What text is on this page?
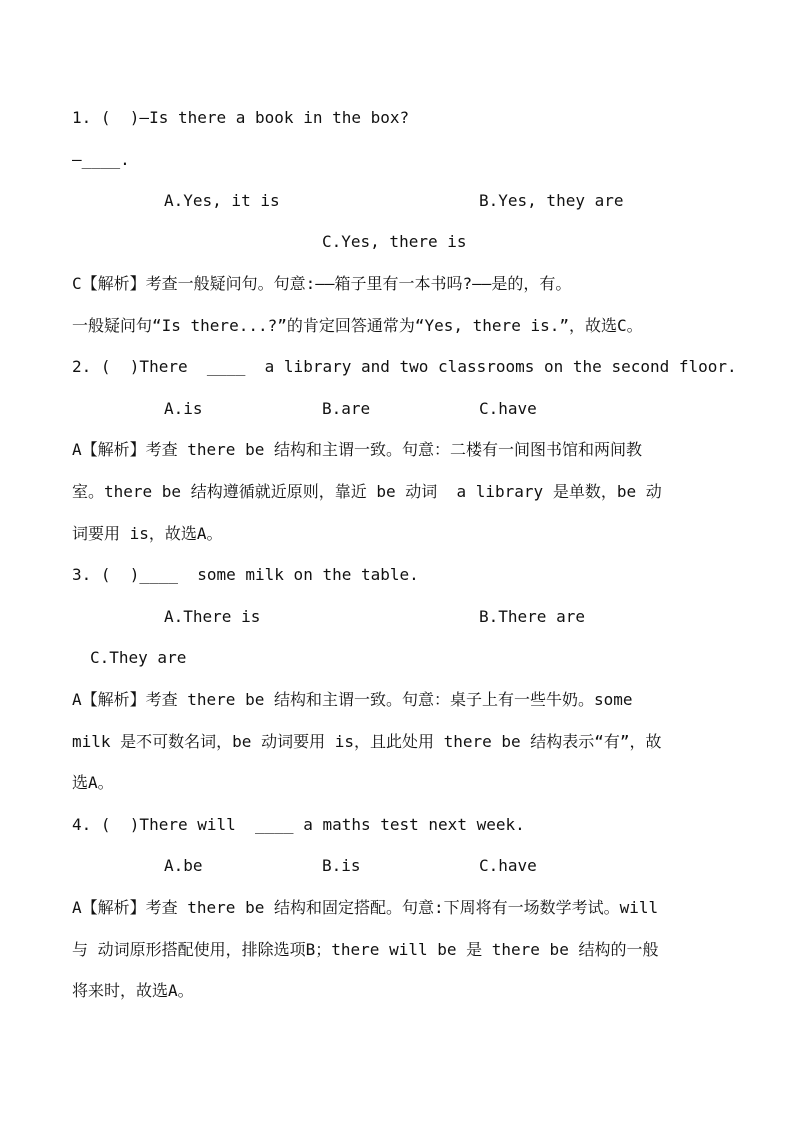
1. (  )—Is there a book in the box?
—____.
A.Yes, it is	B.Yes, they are
C.Yes, there is
C【解析】考查一般疑问句。句意:——箱子里有一本书吗?——是的，有。
一般疑问句“Is there...?”的肯定回答通常为“Yes, there is.”，故选C。
2. (  )There  ____  a library and two classrooms on the second floor.
A.is	B.are	C.have
A【解析】考查 there be 结构和主谓一致。句意：二楼有一间图书馆和两间教
室。there be 结构遵循就近原则，靠近 be 动词  a library 是单数，be 动
词要用 is，故选A。
3. (  )____  some milk on the table.
A.There is	B.There are
C.They are
A【解析】考查 there be 结构和主谓一致。句意：桌子上有一些牛奶。some
milk 是不可数名词，be 动词要用 is，且此处用 there be 结构表示“有”，故
选A。
4. (  )There will  ____ a maths test next week.
A.be	B.is	C.have
A【解析】考查 there be 结构和固定搭配。句意:下周将有一场数学考试。will
与 动词原形搭配使用，排除选项B；there will be 是 there be 结构的一般
将来时，故选A。
